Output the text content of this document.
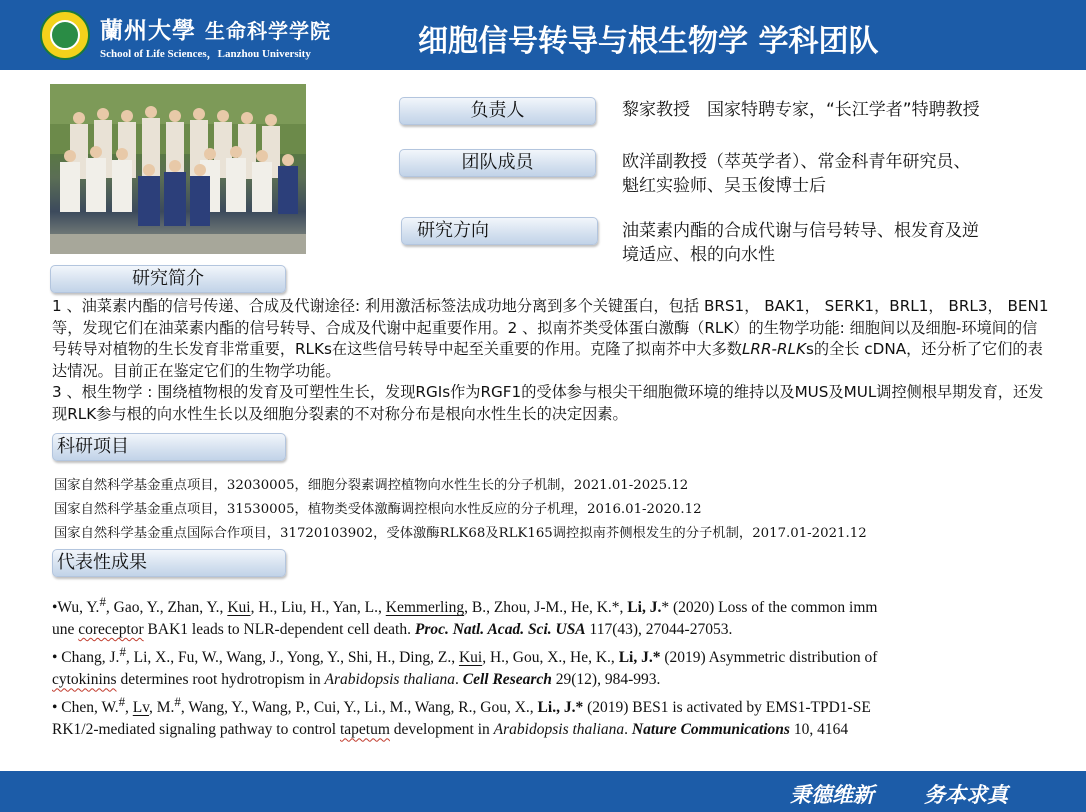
蘭州大學 生命科学学院
School of Life Sciences，Lanzhou University	细胞信号转导与根生物学 学科团队
负责人	黎家教授　国家特聘专家，“长江学者”特聘教授
团队成员	欧洋副教授（萃英学者）、常金科青年研究员、
魁红实验师、吴玉俊博士后
研究方向	油菜素内酯的合成代谢与信号转导、根发育及逆
境适应、根的向水性
研究简介

1 、油菜素内酯的信号传递、合成及代谢途径: 利用激活标签法成功地分离到多个关键蛋白，包括 BRS1， BAK1， SERK1，BRL1， BRL3， BEN1 等，发现它们在油菜素内酯的信号转导、合成及代谢中起重要作用。2 、拟南芥类受体蛋白激酶（RLK）的生物学功能: 细胞间以及细胞-环境间的信号转导对植物的生长发育非常重要，RLKs在这些信号转导中起至关重要的作用。克隆了拟南芥中大多数LRR-RLKs的全长 cDNA，还分析了它们的表达情况。目前正在鉴定它们的生物学功能。

3 、根生物学 : 围绕植物根的发育及可塑性生长，发现RGIs作为RGF1的受体参与根尖干细胞微环境的维持以及MUS及MUL调控侧根早期发育，还发现RLK参与根的向水性生长以及细胞分裂素的不对称分布是根向水性生长的决定因素。

科研项目
国家自然科学基金重点项目，32030005，细胞分裂素调控植物向水性生长的分子机制，2021.01-2025.12
国家自然科学基金重点项目，31530005，植物类受体激酶调控根向水性反应的分子机理，2016.01-2020.12
国家自然科学基金重点国际合作项目，31720103902，受体激酶RLK68及RLK165调控拟南芥侧根发生的分子机制，2017.01-2021.12
代表性成果

•Wu, Y.#, Gao, Y., Zhan, Y., Kui, H., Liu, H., Yan, L., Kemmerling, B., Zhou, J-M., He, K.*, Li, J.* (2020) Loss of the common imm
une coreceptor BAK1 leads to NLR-dependent cell death. Proc. Natl. Acad. Sci. USA 117(43), 27044-27053.

• Chang, J.#, Li, X., Fu, W., Wang, J., Yong, Y., Shi, H., Ding, Z., Kui, H., Gou, X., He, K., Li, J.* (2019) Asymmetric distribution of
cytokinins determines root hydrotropism in Arabidopsis thaliana. Cell Research 29(12), 984-993.

• Chen, W.#, Lv, M.#, Wang, Y., Wang, P., Cui, Y., Li., M., Wang, R., Gou, X., Li., J.* (2019) BES1 is activated by EMS1-TPD1-SE
RK1/2-mediated signaling pathway to control tapetum development in Arabidopsis thaliana. Nature Communications 10, 4164

秉德维新 务本求真
